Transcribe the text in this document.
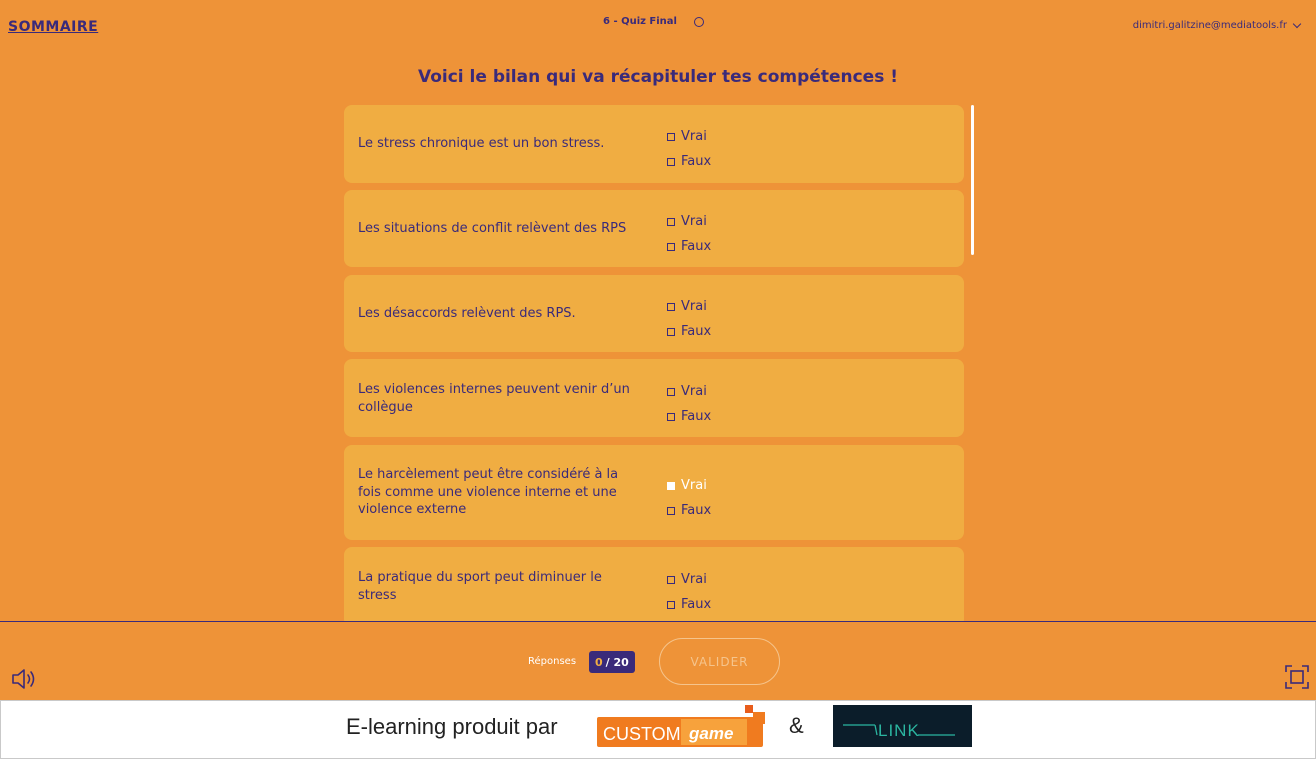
SOMMAIRE	6 - Quiz Final	dimitri.galitzine@mediatools.fr
Voici le bilan qui va récapituler tes compétences !
Le stress chronique est un bon stress.	Vrai
Faux
Les situations de conflit relèvent des RPS	Vrai
Faux
Les désaccords relèvent des RPS.	Vrai
Faux
Les violences internes peuvent venir d’un collègue
Vrai
Faux
Le harcèlement peut être considéré à la fois comme une violence interne et une violence externe
Vrai
Faux
La pratique du sport peut diminuer le stress
Vrai
Faux
Réponses 0 / 20	VALIDER
E-learning produit par	CUSTOM game	&	LINK
